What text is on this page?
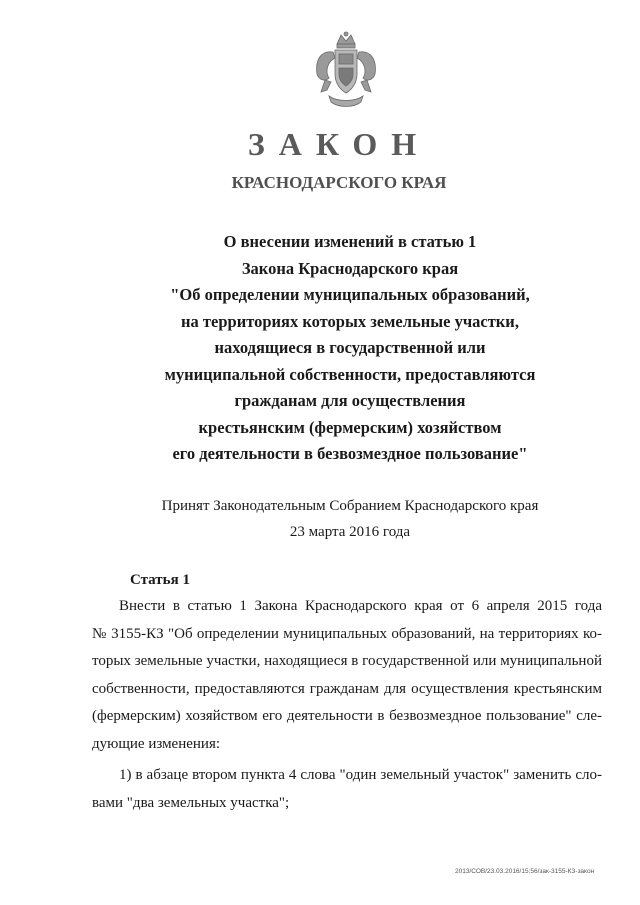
ЗАКОН
КРАСНОДАРСКОГО КРАЯ
О внесении изменений в статью 1
Закона Краснодарского края
"Об определении муниципальных образований,
на территориях которых земельные участки,
находящиеся в государственной или
муниципальной собственности, предоставляются
гражданам для осуществления
крестьянским (фермерским) хозяйством
его деятельности в безвозмездное пользование"
Принят Законодательным Собранием Краснодарского края
23 марта 2016 года
Статья 1

Внести в статью 1 Закона Краснодарского края от 6 апреля 2015 года
№ 3155-КЗ "Об определении муниципальных образований, на территориях ко-
торых земельные участки, находящиеся в государственной или муниципальной
собственности, предоставляются гражданам для осуществления крестьянским
(фермерским) хозяйством его деятельности в безвозмездное пользование" сле-
дующие изменения:

1) в абзаце втором пункта 4 слова "один земельный участок" заменить сло-
вами "два земельных участка";

2013/СОВ/23.03.2016/15:56/зак-3155-КЗ-закон
